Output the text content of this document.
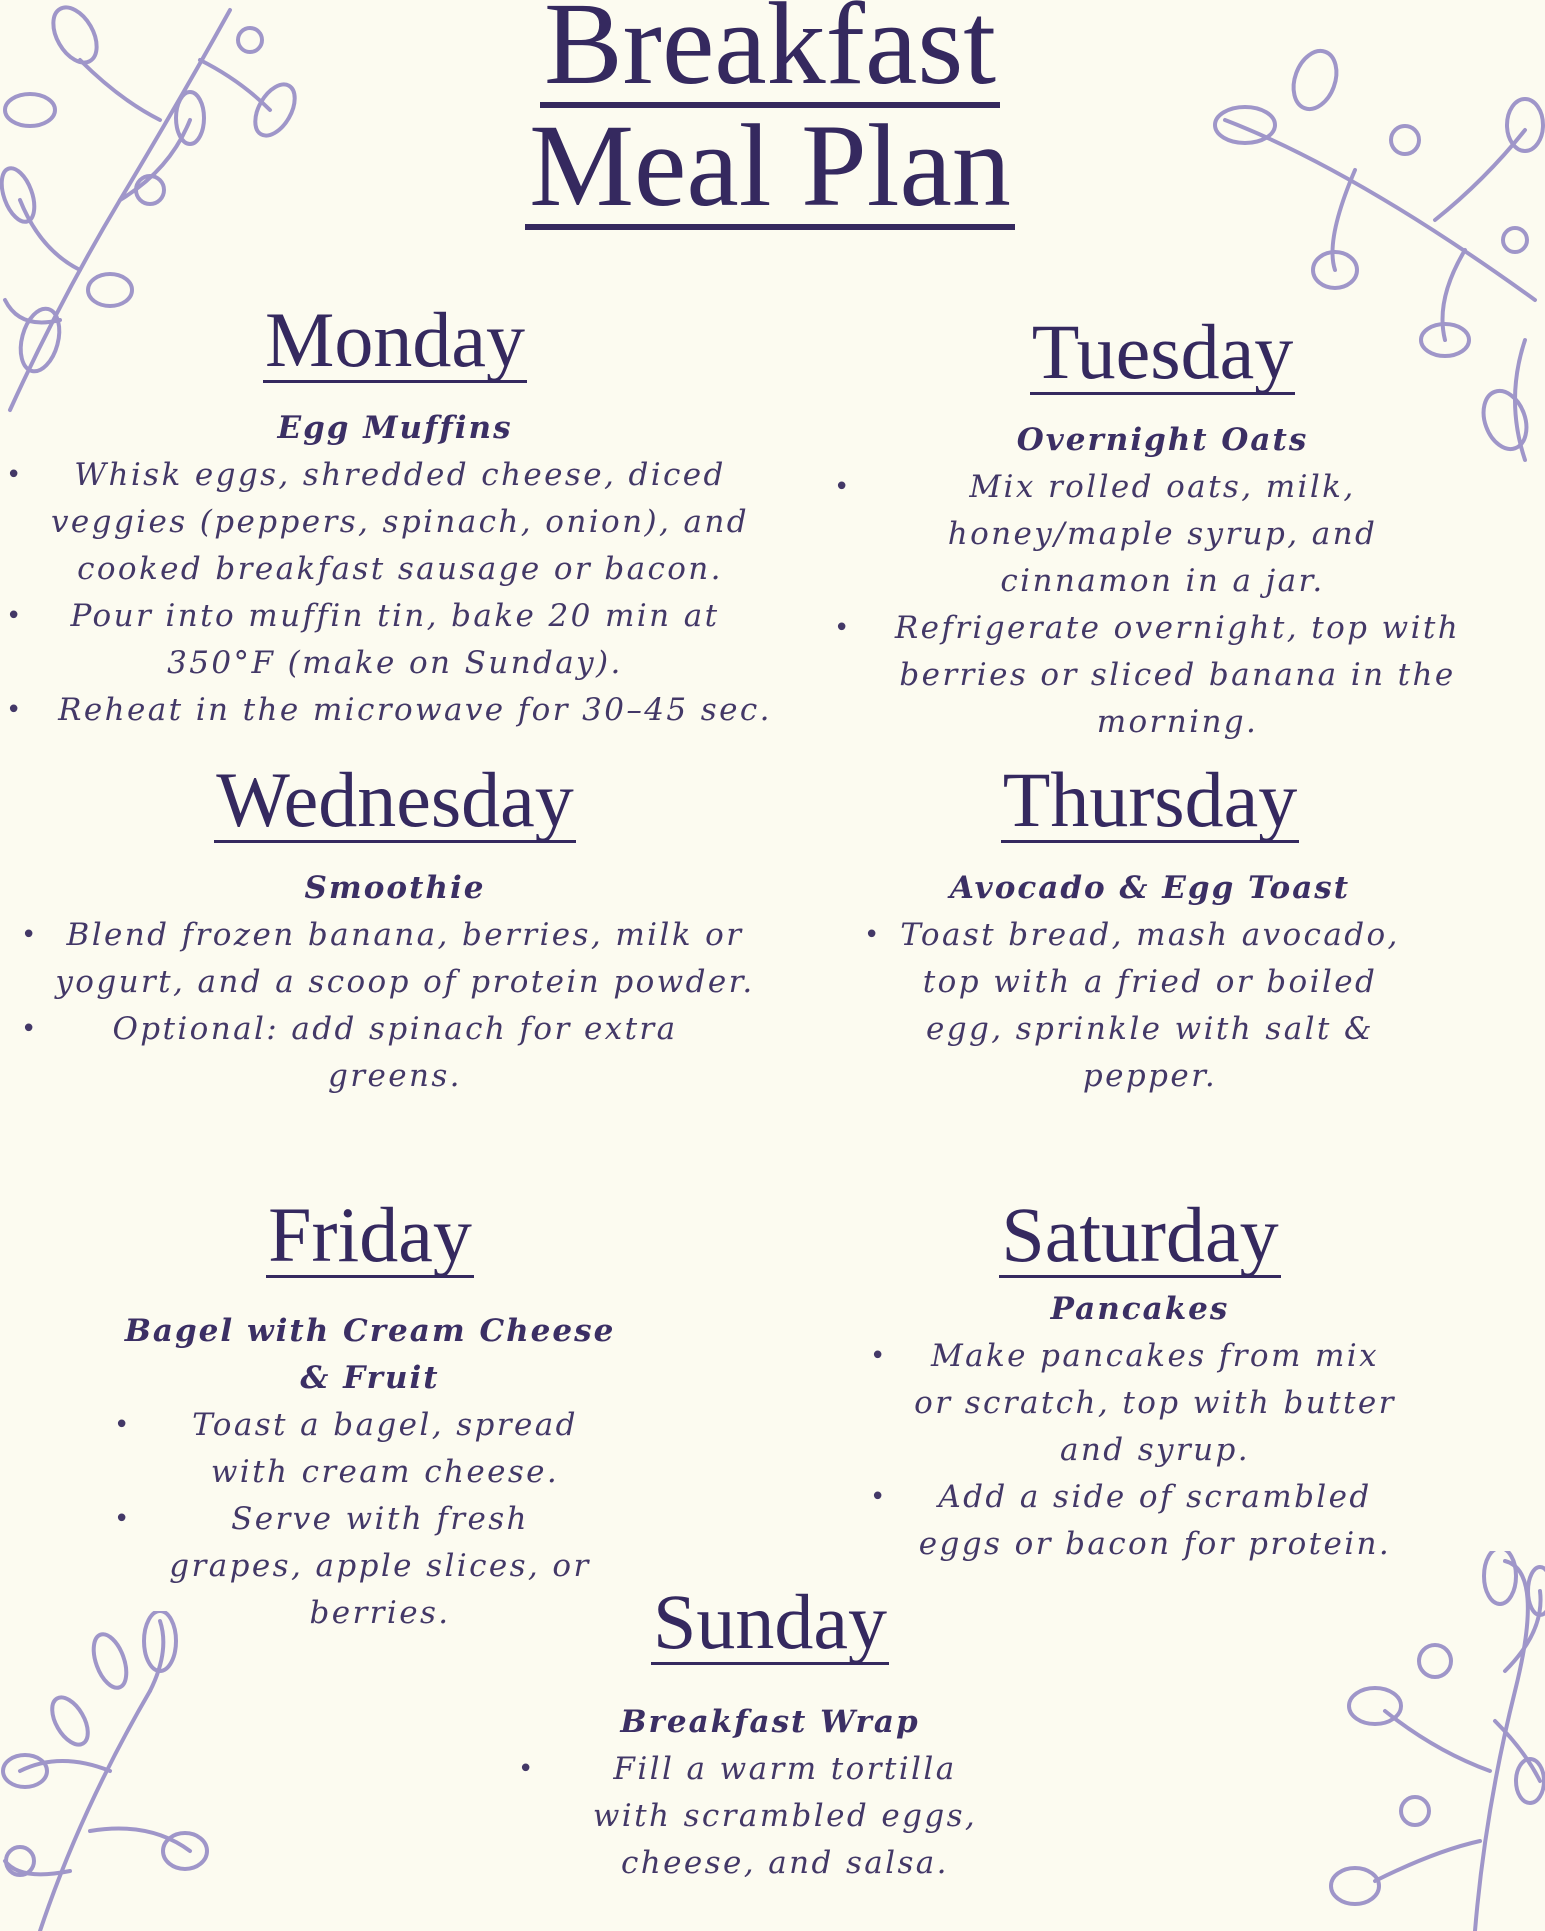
Breakfast
Meal Plan
Monday
Egg Muffins
• Whisk eggs, shredded cheese, diced veggies (peppers, spinach, onion), and cooked breakfast sausage or bacon.
• Pour into muffin tin, bake 20 min at 350°F (make on Sunday).
• Reheat in the microwave for 30–45 sec.
Tuesday
Overnight Oats
•	Mix rolled oats, milk, honey/maple syrup, and cinnamon in a jar.
• Refrigerate overnight, top with berries or sliced banana in the morning.
Wednesday
Smoothie
• Blend frozen banana, berries, milk or yogurt, and a scoop of protein powder.
• Optional: add spinach for extra greens.
Thursday
Avocado & Egg Toast
• Toast bread, mash avocado, top with a fried or boiled egg, sprinkle with salt & pepper.
Friday
Bagel with Cream Cheese & Fruit
• Toast a bagel, spread with cream cheese.
•	Serve with fresh grapes, apple slices, or berries.
Saturday
Pancakes
• Make pancakes from mix or scratch, top with butter and syrup.
• Add a side of scrambled eggs or bacon for protein.
Sunday
Breakfast Wrap
•	Fill a warm tortilla with scrambled eggs, cheese, and salsa.
